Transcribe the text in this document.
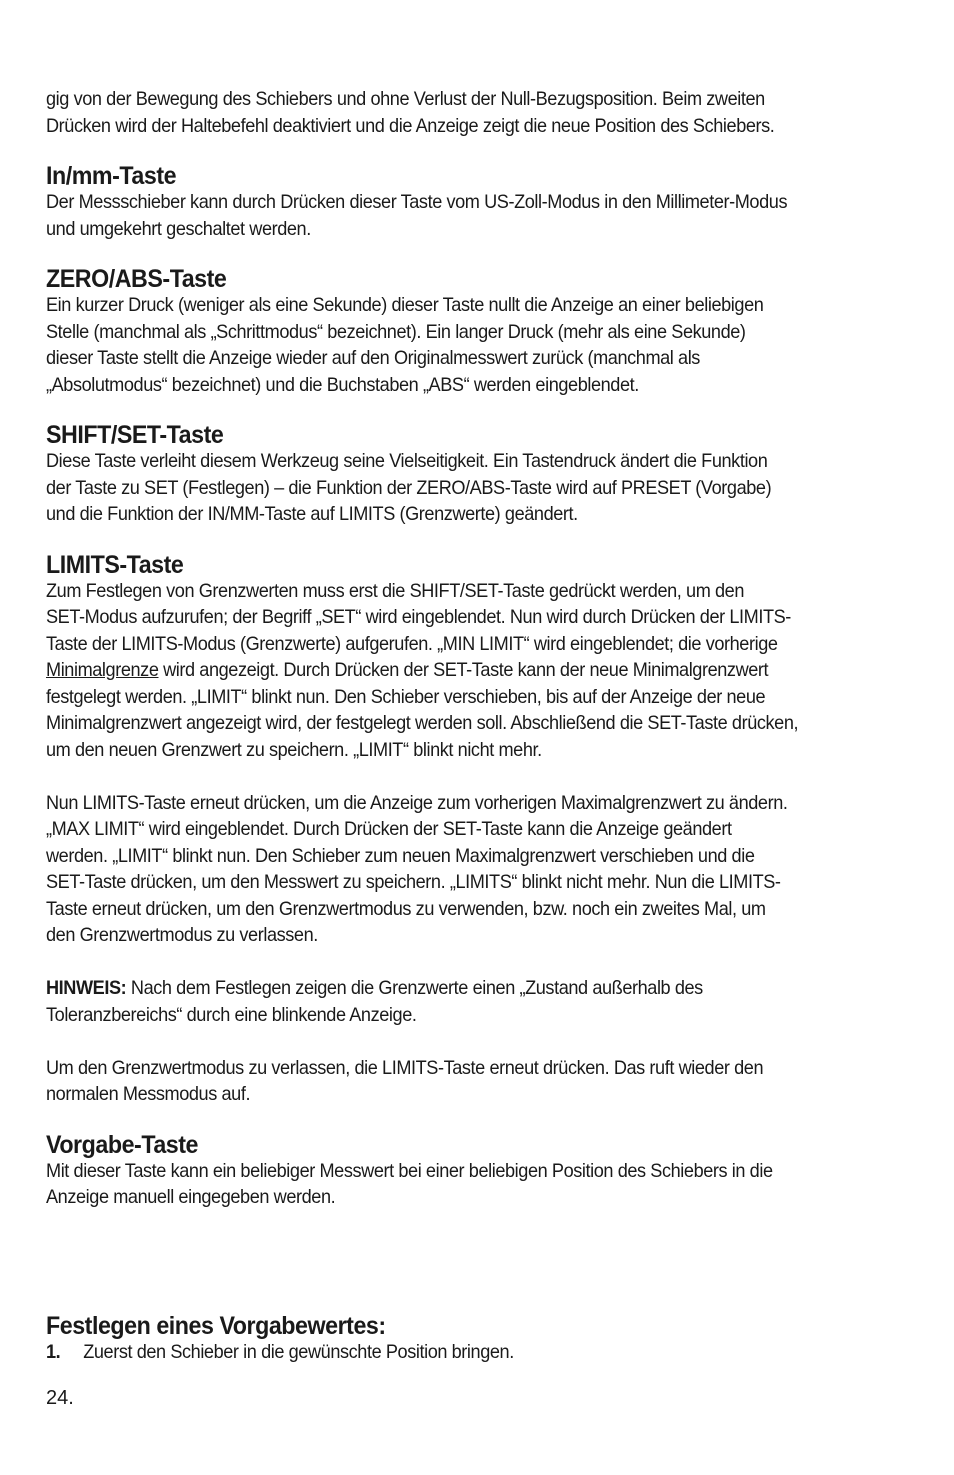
gig von der Bewegung des Schiebers und ohne Verlust der Null-Bezugsposition. Beim zweiten
Drücken wird der Haltebefehl deaktiviert und die Anzeige zeigt die neue Position des Schiebers.
In/mm-Taste
Der Messschieber kann durch Drücken dieser Taste vom US-Zoll-Modus in den Millimeter-Modus
und umgekehrt geschaltet werden.
ZERO/ABS-Taste
Ein kurzer Druck (weniger als eine Sekunde) dieser Taste nullt die Anzeige an einer beliebigen
Stelle (manchmal als „Schrittmodus“ bezeichnet). Ein langer Druck (mehr als eine Sekunde)
dieser Taste stellt die Anzeige wieder auf den Originalmesswert zurück (manchmal als
„Absolutmodus“ bezeichnet) und die Buchstaben „ABS“ werden eingeblendet.
SHIFT/SET-Taste
Diese Taste verleiht diesem Werkzeug seine Vielseitigkeit. Ein Tastendruck ändert die Funktion
der Taste zu SET (Festlegen) – die Funktion der ZERO/ABS-Taste wird auf PRESET (Vorgabe)
und die Funktion der IN/MM-Taste auf LIMITS (Grenzwerte) geändert.
LIMITS-Taste
Zum Festlegen von Grenzwerten muss erst die SHIFT/SET-Taste gedrückt werden, um den
SET-Modus aufzurufen; der Begriff „SET“ wird eingeblendet. Nun wird durch Drücken der LIMITS-
Taste der LIMITS-Modus (Grenzwerte) aufgerufen. „MIN LIMIT“ wird eingeblendet; die vorherige
Minimalgrenze wird angezeigt. Durch Drücken der SET-Taste kann der neue Minimalgrenzwert
festgelegt werden. „LIMIT“ blinkt nun. Den Schieber verschieben, bis auf der Anzeige der neue
Minimalgrenzwert angezeigt wird, der festgelegt werden soll. Abschließend die SET-Taste drücken,
um den neuen Grenzwert zu speichern. „LIMIT“ blinkt nicht mehr.
Nun LIMITS-Taste erneut drücken, um die Anzeige zum vorherigen Maximalgrenzwert zu ändern.
„MAX LIMIT“ wird eingeblendet. Durch Drücken der SET-Taste kann die Anzeige geändert
werden. „LIMIT“ blinkt nun. Den Schieber zum neuen Maximalgrenzwert verschieben und die
SET-Taste drücken, um den Messwert zu speichern. „LIMITS“ blinkt nicht mehr. Nun die LIMITS-
Taste erneut drücken, um den Grenzwertmodus zu verwenden, bzw. noch ein zweites Mal, um
den Grenzwertmodus zu verlassen.
HINWEIS: Nach dem Festlegen zeigen die Grenzwerte einen „Zustand außerhalb des
Toleranzbereichs“ durch eine blinkende Anzeige.
Um den Grenzwertmodus zu verlassen, die LIMITS-Taste erneut drücken. Das ruft wieder den
normalen Messmodus auf.
Vorgabe-Taste
Mit dieser Taste kann ein beliebiger Messwert bei einer beliebigen Position des Schiebers in die
Anzeige manuell eingegeben werden.
Festlegen eines Vorgabewertes:
1. Zuerst den Schieber in die gewünschte Position bringen.
24.
